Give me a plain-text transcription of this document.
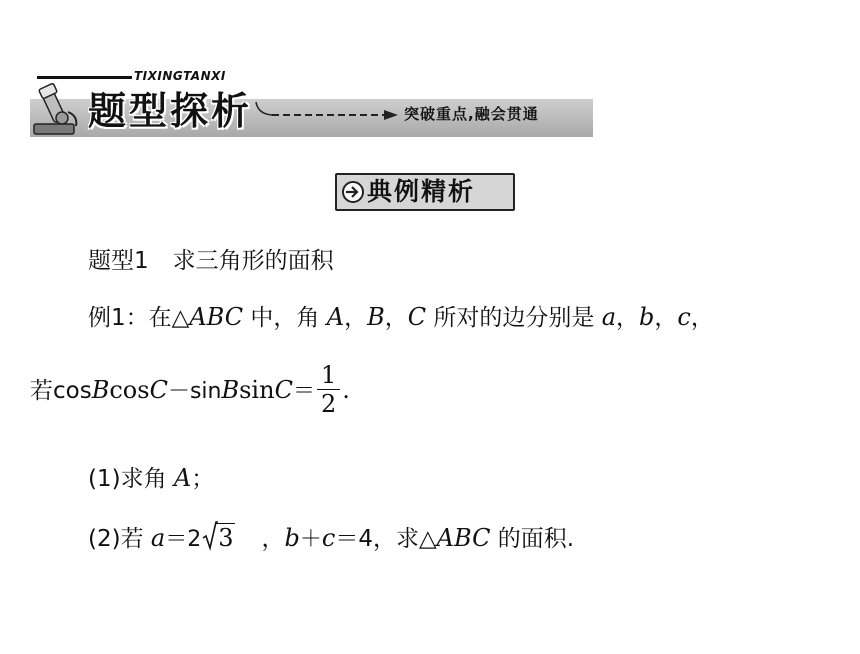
TIXINGTANXI
题型探析	突破重点,融会贯通
典例精析
题型1 求三角形的面积
例1：在△ABC 中，角 A，B，C 所对的边分别是 a，b，c，
若cosBcosC－sinBsinC＝ $\frac{1}{2}$ .
(1)求角 A；
(2)若 a＝2 3 ，b＋c＝4，求△ABC 的面积.
